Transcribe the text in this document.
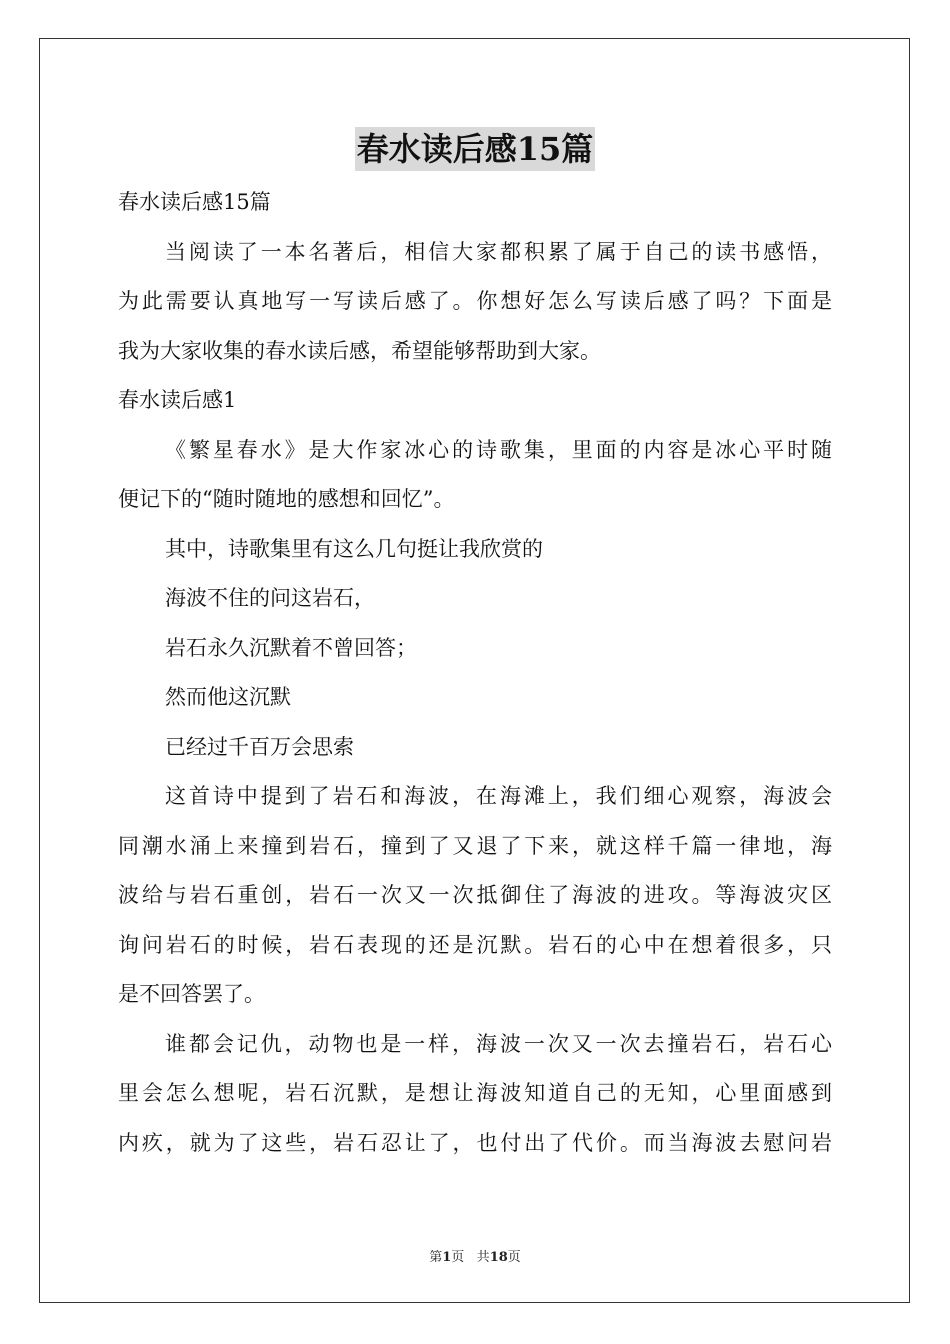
春水读后感15篇
春水读后感15篇
当阅读了一本名著后，相信大家都积累了属于自己的读书感悟，
为此需要认真地写一写读后感了。你想好怎么写读后感了吗？下面是
我为大家收集的春水读后感，希望能够帮助到大家。
春水读后感1
《繁星春水》是大作家冰心的诗歌集，里面的内容是冰心平时随
便记下的“随时随地的感想和回忆”。
其中，诗歌集里有这么几句挺让我欣赏的
海波不住的问这岩石，
岩石永久沉默着不曾回答；
然而他这沉默
已经过千百万会思索
这首诗中提到了岩石和海波，在海滩上，我们细心观察，海波会
同潮水涌上来撞到岩石，撞到了又退了下来，就这样千篇一律地，海
波给与岩石重创，岩石一次又一次抵御住了海波的进攻。等海波灾区
询问岩石的时候，岩石表现的还是沉默。岩石的心中在想着很多，只
是不回答罢了。
谁都会记仇，动物也是一样，海波一次又一次去撞岩石，岩石心
里会怎么想呢，岩石沉默，是想让海波知道自己的无知，心里面感到
内疚，就为了这些，岩石忍让了，也付出了代价。而当海波去慰问岩
第1页 共18页
